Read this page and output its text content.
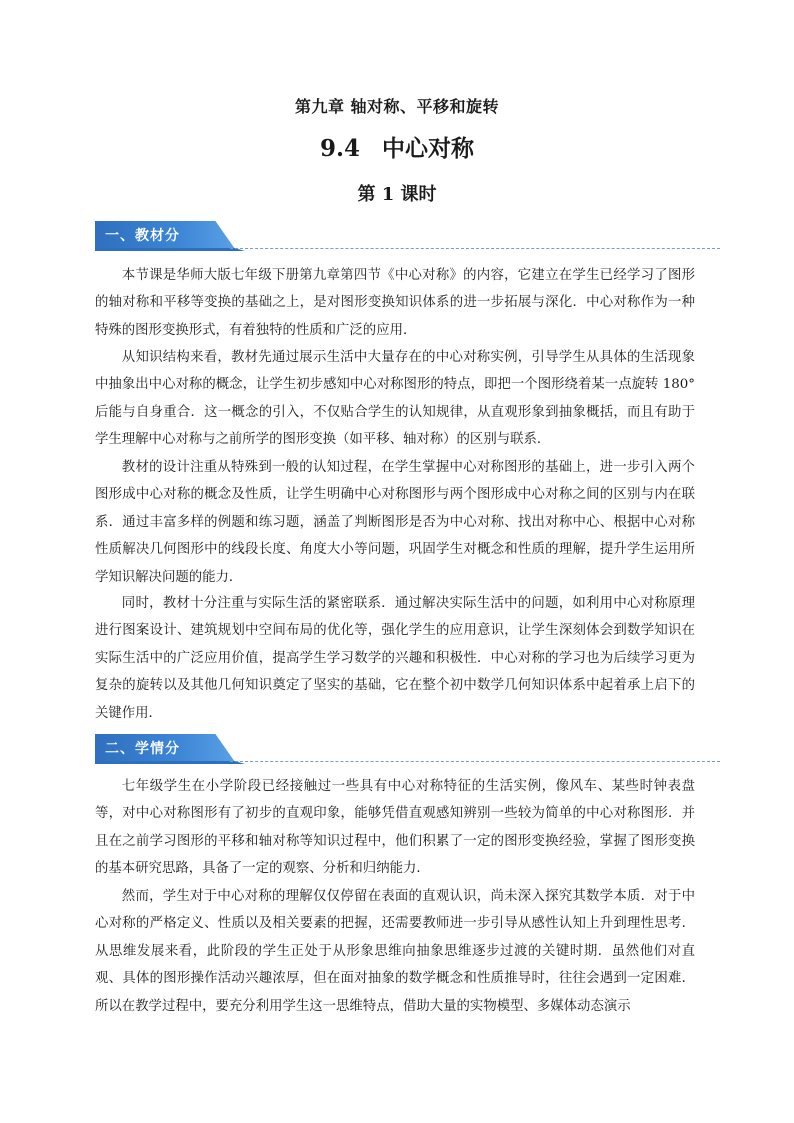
第九章 轴对称、平移和旋转
9.4 中心对称
第 1 课时
一、教材分

本节课是华师大版七年级下册第九章第四节《中心对称》的内容，它建立在学生已经学习了图形的轴对称和平移等变换的基础之上，是对图形变换知识体系的进一步拓展与深化．中心对称作为一种特殊的图形变换形式，有着独特的性质和广泛的应用．

从知识结构来看，教材先通过展示生活中大量存在的中心对称实例，引导学生从具体的生活现象中抽象出中心对称的概念，让学生初步感知中心对称图形的特点，即把一个图形绕着某一点旋转 180° 后能与自身重合．这一概念的引入，不仅贴合学生的认知规律，从直观形象到抽象概括，而且有助于学生理解中心对称与之前所学的图形变换（如平移、轴对称）的区别与联系．

教材的设计注重从特殊到一般的认知过程，在学生掌握中心对称图形的基础上，进一步引入两个图形成中心对称的概念及性质，让学生明确中心对称图形与两个图形成中心对称之间的区别与内在联系．通过丰富多样的例题和练习题，涵盖了判断图形是否为中心对称、找出对称中心、根据中心对称性质解决几何图形中的线段长度、角度大小等问题，巩固学生对概念和性质的理解，提升学生运用所学知识解决问题的能力．

同时，教材十分注重与实际生活的紧密联系．通过解决实际生活中的问题，如利用中心对称原理进行图案设计、建筑规划中空间布局的优化等，强化学生的应用意识，让学生深刻体会到数学知识在实际生活中的广泛应用价值，提高学生学习数学的兴趣和积极性．中心对称的学习也为后续学习更为复杂的旋转以及其他几何知识奠定了坚实的基础，它在整个初中数学几何知识体系中起着承上启下的关键作用．

二、学情分

七年级学生在小学阶段已经接触过一些具有中心对称特征的生活实例，像风车、某些时钟表盘等，对中心对称图形有了初步的直观印象，能够凭借直观感知辨别一些较为简单的中心对称图形．并且在之前学习图形的平移和轴对称等知识过程中，他们积累了一定的图形变换经验，掌握了图形变换的基本研究思路，具备了一定的观察、分析和归纳能力．

然而，学生对于中心对称的理解仅仅停留在表面的直观认识，尚未深入探究其数学本质．对于中心对称的严格定义、性质以及相关要素的把握，还需要教师进一步引导从感性认知上升到理性思考．从思维发展来看，此阶段的学生正处于从形象思维向抽象思维逐步过渡的关键时期．虽然他们对直观、具体的图形操作活动兴趣浓厚，但在面对抽象的数学概念和性质推导时，往往会遇到一定困难．所以在教学过程中，要充分利用学生这一思维特点，借助大量的实物模型、多媒体动态演示
